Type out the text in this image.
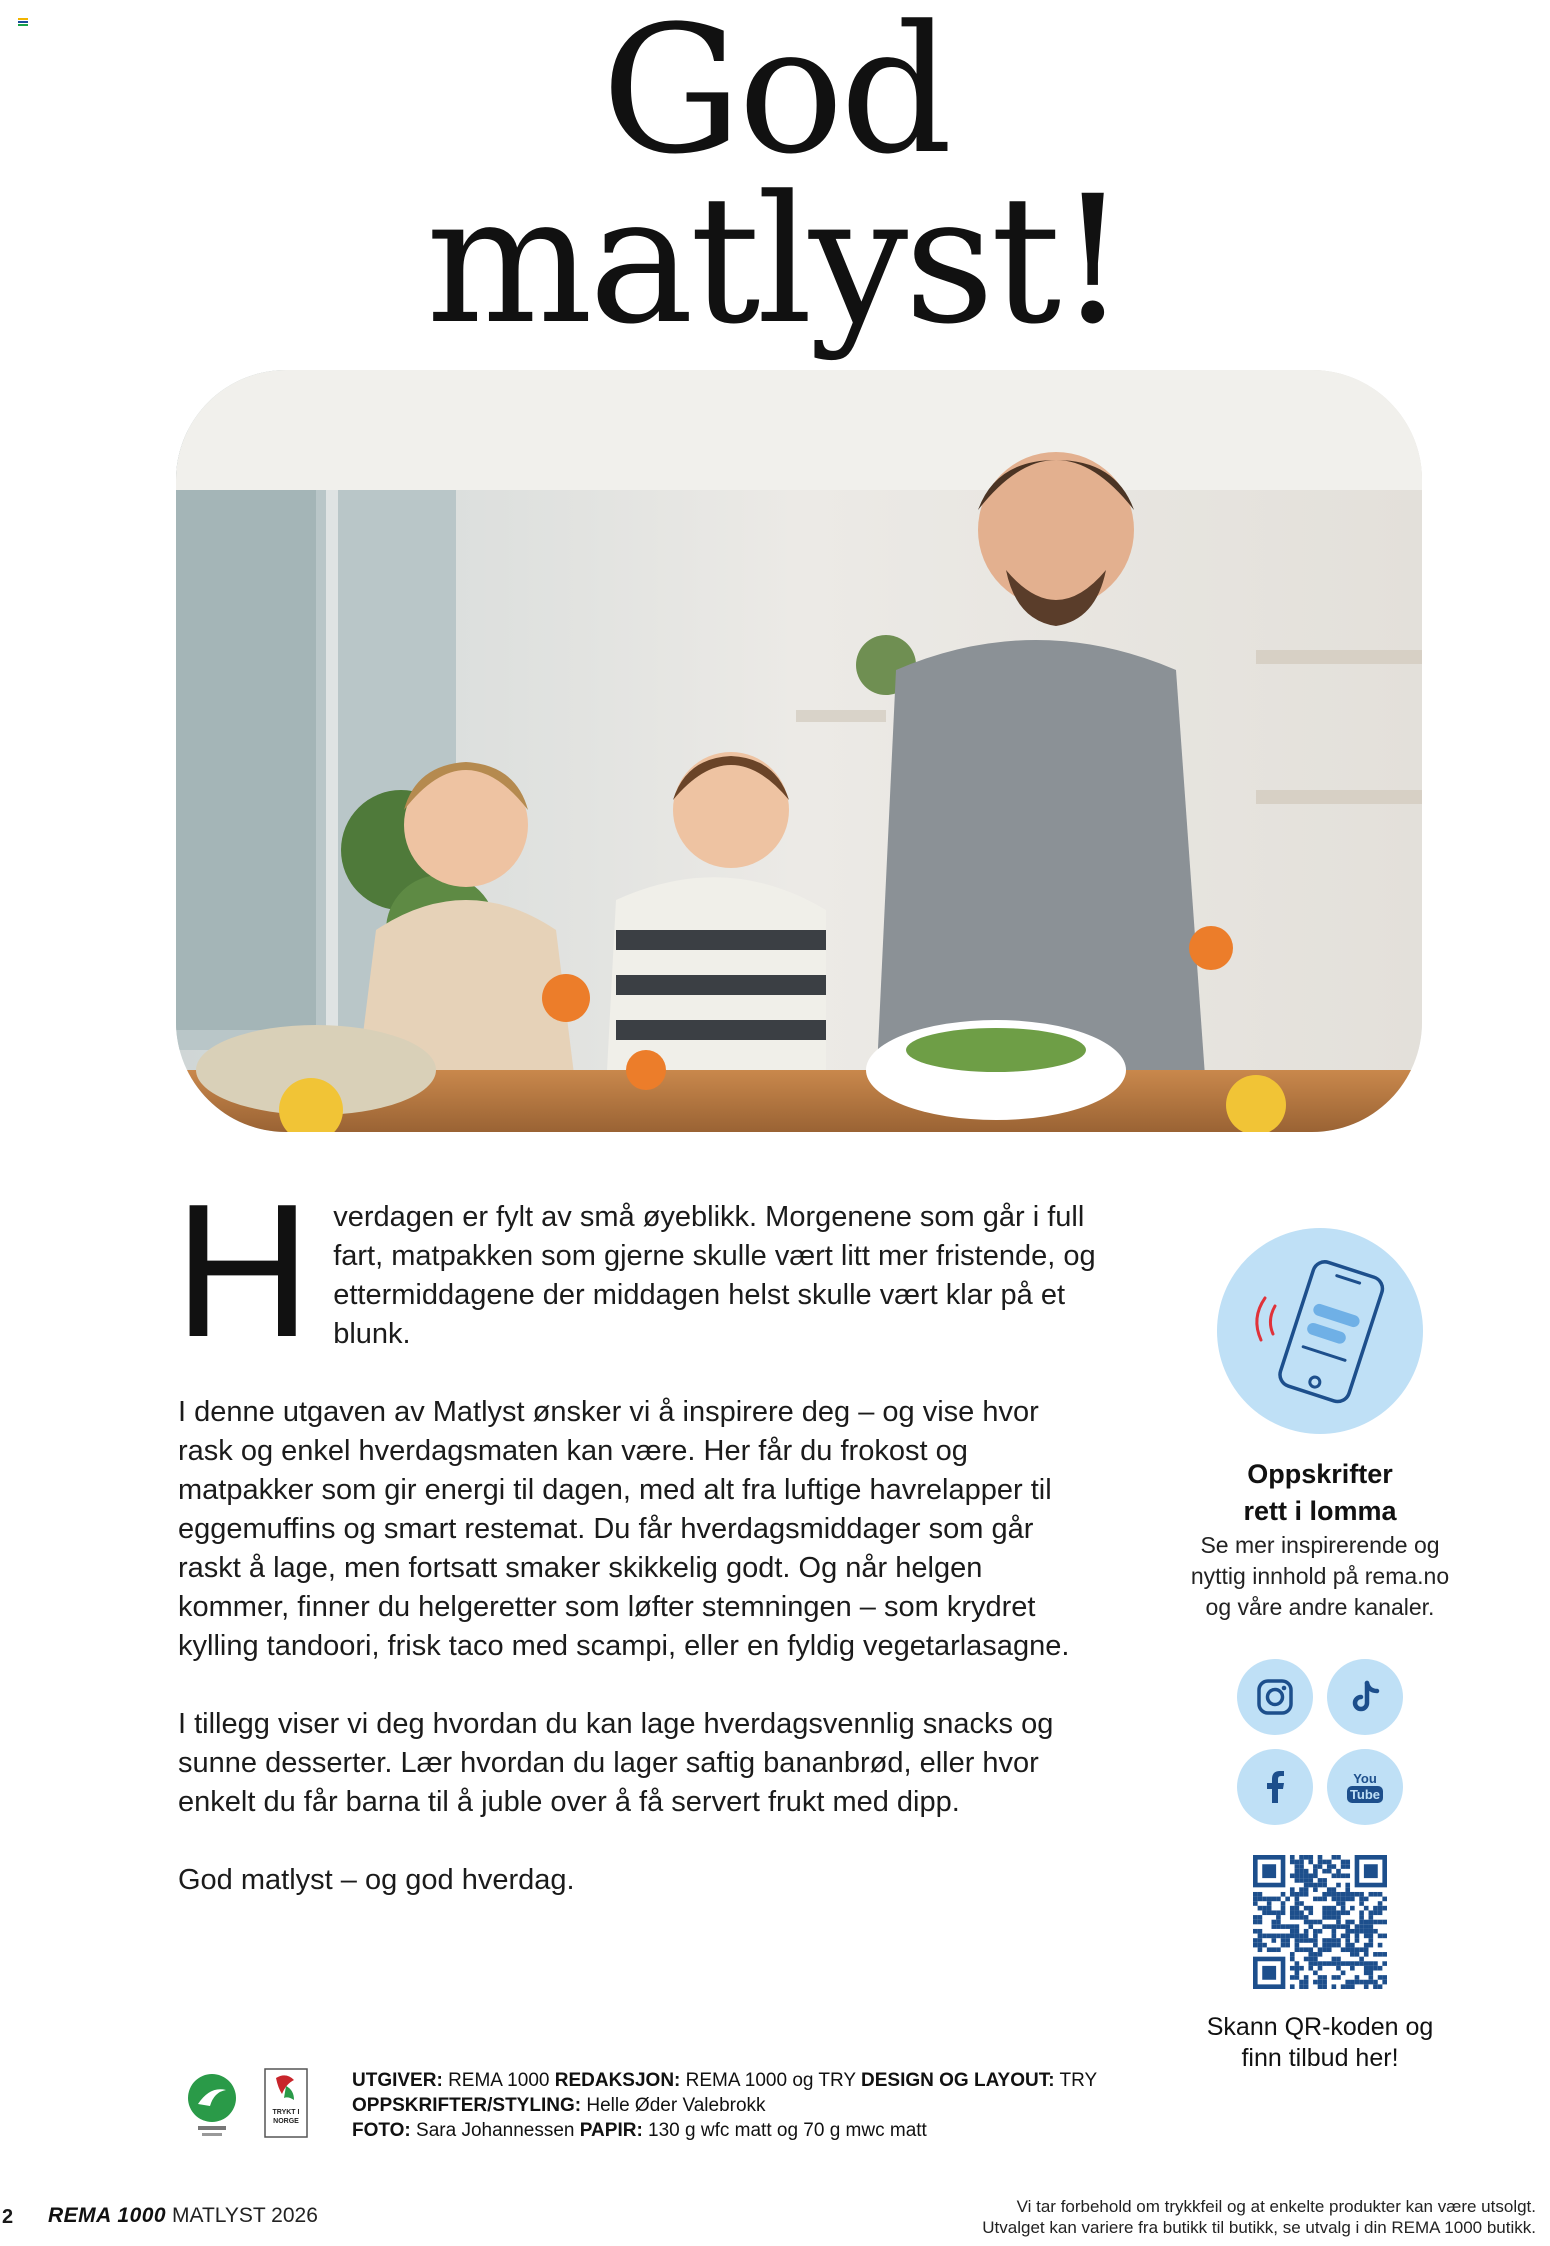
God
matlyst!
H verdagen er fylt av små øyeblikk. Morgenene som går i full fart, matpakken som gjerne skulle vært litt mer fristende, og ettermiddagene der middagen helst skulle vært klar på et blunk.

I denne utgaven av Matlyst ønsker vi å inspirere deg – og vise hvor rask og enkel hverdagsmaten kan være. Her får du frokost og matpakker som gir energi til dagen, med alt fra luftige havrelapper til eggemuffins og smart restemat. Du får hverdagsmiddager som går raskt å lage, men fortsatt smaker skikkelig godt. Og når helgen kommer, finner du helgeretter som løfter stemningen – som krydret kylling tandoori, frisk taco med scampi, eller en fyldig vegetarlasagne.

I tillegg viser vi deg hvordan du kan lage hverdagsvennlig snacks og sunne desserter. Lær hvordan du lager saftig bananbrød, eller hvor enkelt du får barna til å juble over å få servert frukt med dipp.

God matlyst – og god hverdag.

Oppskrifter
rett i lomma
Se mer inspirerende og
nyttig innhold på rema.no
og våre andre kanaler.
You
Tube
Skann QR-koden og
finn tilbud her!
TRYKT I
NORGE
UTGIVER: REMA 1000 REDAKSJON: REMA 1000 og TRY DESIGN OG LAYOUT: TRY
OPPSKRIFTER/STYLING: Helle Øder Valebrokk
FOTO: Sara Johannessen PAPIR: 130 g wfc matt og 70 g mwc matt
2 REMA 1000 MATLYST 2026	Vi tar forbehold om trykkfeil og at enkelte produkter kan være utsolgt.
Utvalget kan variere fra butikk til butikk, se utvalg i din REMA 1000 butikk.
